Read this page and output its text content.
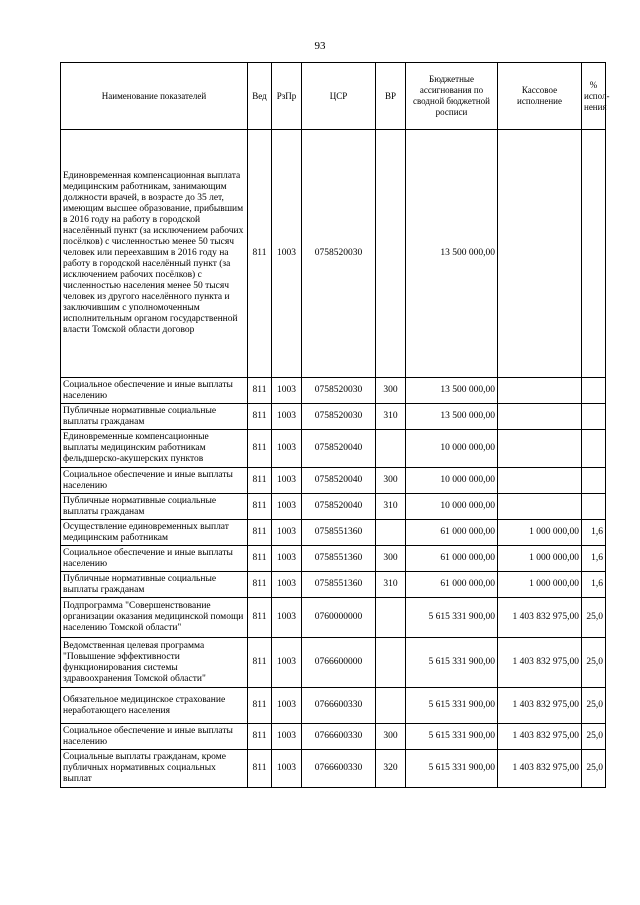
93
Наименование показателей	Вед	РзПр	ЦСР	ВР	Бюджетные ассигнования по сводной бюджетной росписи	Кассовое исполнение	% испол-нения
Единовременная компенсационная выплата медицинским работникам, занимающим должности врачей, в возрасте до 35 лет, имеющим высшее образование, прибывшим в 2016 году на работу в городской населённый пункт (за исключением рабочих посёлков) с численностью менее 50 тысяч человек или переехавшим в 2016 году на работу в городской населённый пункт (за исключением рабочих посёлков) с численностью населения менее 50 тысяч человек из другого населённого пункта и заключившим с уполномоченным исполнительным органом государственной власти Томской области договор	811	1003	0758520030		13 500 000,00		
Социальное обеспечение и иные выплаты населению	811	1003	0758520030	300	13 500 000,00		
Публичные нормативные социальные выплаты гражданам	811	1003	0758520030	310	13 500 000,00		
Единовременные компенсационные выплаты медицинским работникам фельдшерско-акушерских пунктов	811	1003	0758520040		10 000 000,00		
Социальное обеспечение и иные выплаты населению	811	1003	0758520040	300	10 000 000,00		
Публичные нормативные социальные выплаты гражданам	811	1003	0758520040	310	10 000 000,00		
Осуществление единовременных выплат медицинским работникам	811	1003	0758551360		61 000 000,00	1 000 000,00	1,6
Социальное обеспечение и иные выплаты населению	811	1003	0758551360	300	61 000 000,00	1 000 000,00	1,6
Публичные нормативные социальные выплаты гражданам	811	1003	0758551360	310	61 000 000,00	1 000 000,00	1,6
Подпрограмма "Совершенствование организации оказания медицинской помощи населению Томской области"	811	1003	0760000000		5 615 331 900,00	1 403 832 975,00	25,0
Ведомственная целевая программа "Повышение эффективности функционирования системы здравоохранения Томской области"	811	1003	0766600000		5 615 331 900,00	1 403 832 975,00	25,0
Обязательное медицинское страхование неработающего населения	811	1003	0766600330		5 615 331 900,00	1 403 832 975,00	25,0
Социальное обеспечение и иные выплаты населению	811	1003	0766600330	300	5 615 331 900,00	1 403 832 975,00	25,0
Социальные выплаты гражданам, кроме публичных нормативных социальных выплат	811	1003	0766600330	320	5 615 331 900,00	1 403 832 975,00	25,0
